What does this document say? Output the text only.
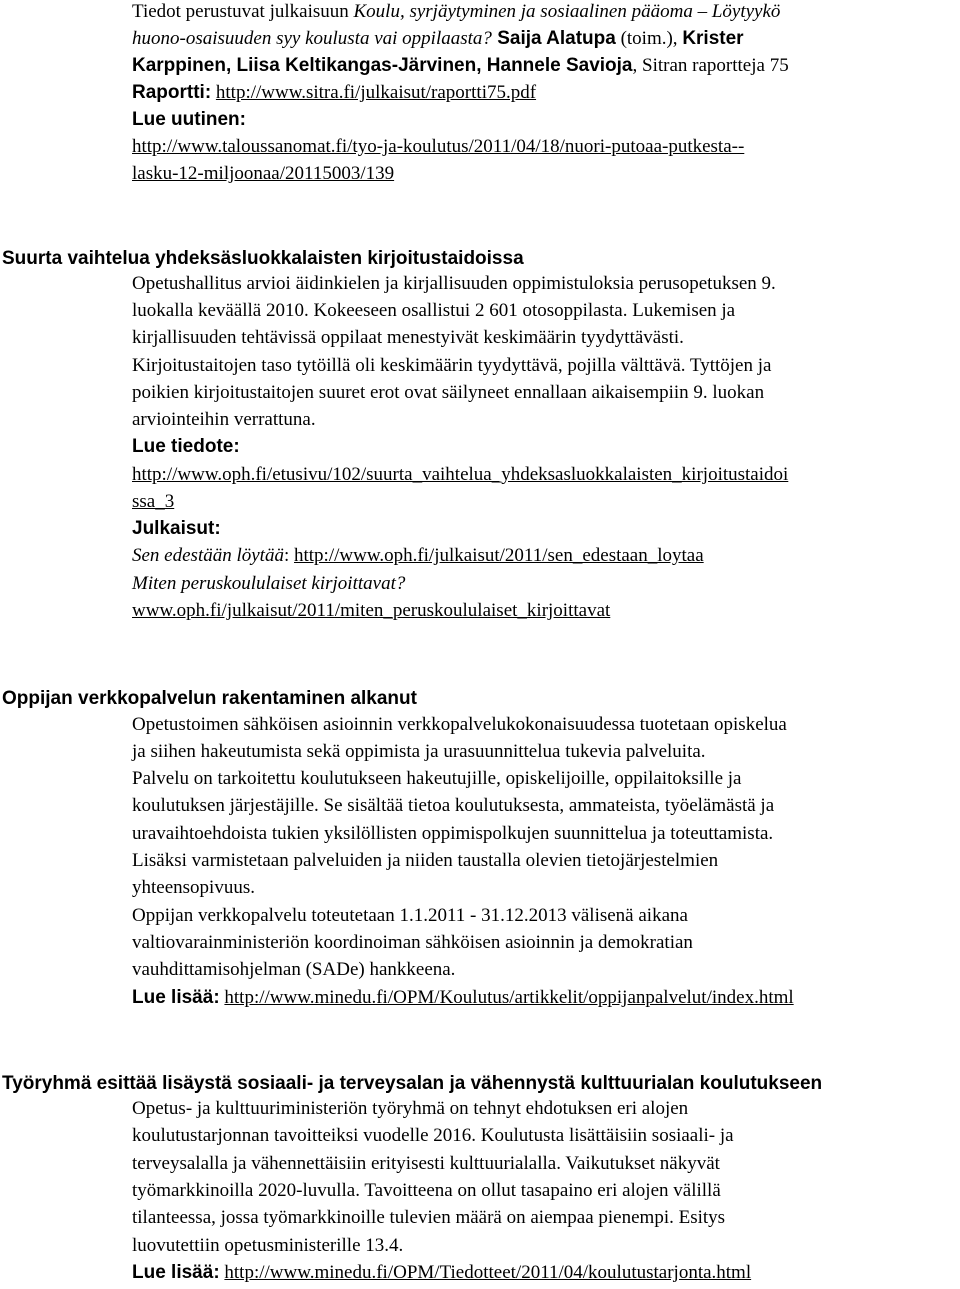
Tiedot perustuvat julkaisuun Koulu, syrjäytyminen ja sosiaalinen pääoma – Löytyykö
huono-osaisuuden syy koulusta vai oppilaasta? Saija Alatupa (toim.), Krister
Karppinen, Liisa Keltikangas-Järvinen, Hannele Savioja, Sitran raportteja 75
Raportti: http://www.sitra.fi/julkaisut/raportti75.pdf
Lue uutinen:
http://www.taloussanomat.fi/tyo-ja-koulutus/2011/04/18/nuori-putoaa-putkesta--
lasku-12-miljoonaa/20115003/139
Suurta vaihtelua yhdeksäsluokkalaisten kirjoitustaidoissa
Opetushallitus arvioi äidinkielen ja kirjallisuuden oppimistuloksia perusopetuksen 9.
luokalla keväällä 2010. Kokeeseen osallistui 2 601 otosoppilasta. Lukemisen ja
kirjallisuuden tehtävissä oppilaat menestyivät keskimäärin tyydyttävästi.
Kirjoitustaitojen taso tytöillä oli keskimäärin tyydyttävä, pojilla välttävä. Tyttöjen ja
poikien kirjoitustaitojen suuret erot ovat säilyneet ennallaan aikaisempiin 9. luokan
arviointeihin verrattuna.
Lue tiedote:
http://www.oph.fi/etusivu/102/suurta_vaihtelua_yhdeksasluokkalaisten_kirjoitustaidoi
ssa_3
Julkaisut:
Sen edestään löytää: http://www.oph.fi/julkaisut/2011/sen_edestaan_loytaa
Miten peruskoululaiset kirjoittavat?
www.oph.fi/julkaisut/2011/miten_peruskoululaiset_kirjoittavat
Oppijan verkkopalvelun rakentaminen alkanut
Opetustoimen sähköisen asioinnin verkkopalvelukokonaisuudessa tuotetaan opiskelua
ja siihen hakeutumista sekä oppimista ja urasuunnittelua tukevia palveluita.
Palvelu on tarkoitettu koulutukseen hakeutujille, opiskelijoille, oppilaitoksille ja
koulutuksen järjestäjille. Se sisältää tietoa koulutuksesta, ammateista, työelämästä ja
uravaihtoehdoista tukien yksilöllisten oppimispolkujen suunnittelua ja toteuttamista.
Lisäksi varmistetaan palveluiden ja niiden taustalla olevien tietojärjestelmien
yhteensopivuus.
Oppijan verkkopalvelu toteutetaan 1.1.2011 - 31.12.2013 välisenä aikana
valtiovarainministeriön koordinoiman sähköisen asioinnin ja demokratian
vauhdittamisohjelman (SADe) hankkeena.
Lue lisää: http://www.minedu.fi/OPM/Koulutus/artikkelit/oppijanpalvelut/index.html
Työryhmä esittää lisäystä sosiaali- ja terveysalan ja vähennystä kulttuurialan koulutukseen
Opetus- ja kulttuuriministeriön työryhmä on tehnyt ehdotuksen eri alojen
koulutustarjonnan tavoitteiksi vuodelle 2016. Koulutusta lisättäisiin sosiaali- ja
terveysalalla ja vähennettäisiin erityisesti kulttuurialalla. Vaikutukset näkyvät
työmarkkinoilla 2020-luvulla. Tavoitteena on ollut tasapaino eri alojen välillä
tilanteessa, jossa työmarkkinoille tulevien määrä on aiempaa pienempi. Esitys
luovutettiin opetusministerille 13.4.
Lue lisää: http://www.minedu.fi/OPM/Tiedotteet/2011/04/koulutustarjonta.html
